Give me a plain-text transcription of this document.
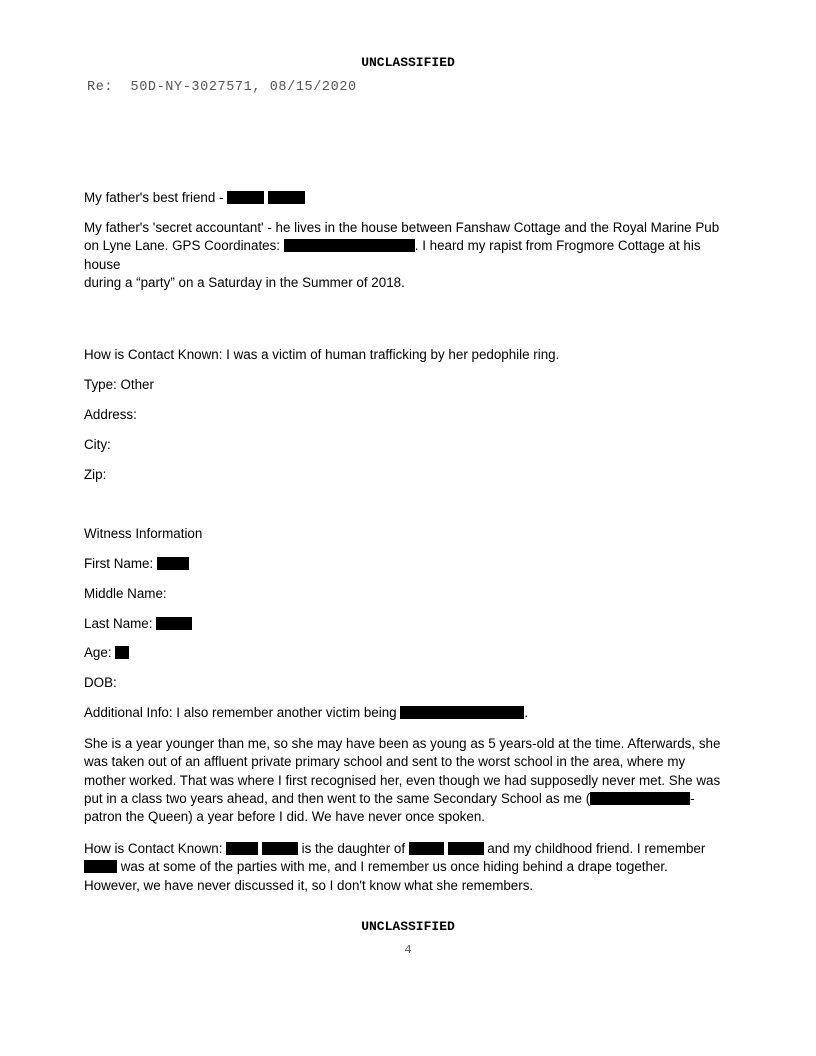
UNCLASSIFIED
Re:  50D-NY-3027571, 08/15/2020
My father's best friend -
My father's 'secret accountant' - he lives in the house between Fanshaw Cottage and the Royal Marine Pub
on Lyne Lane. GPS Coordinates:	. I heard my rapist from Frogmore Cottage at his house
during a “party” on a Saturday in the Summer of 2018.
How is Contact Known: I was a victim of human trafficking by her pedophile ring.
Type: Other
Address:
City:
Zip:
Witness Information
First Name:
Middle Name:
Last Name:
Age:
DOB:
Additional Info: I also remember another victim being	.
She is a year younger than me, so she may have been as young as 5 years-old at the time. Afterwards, she
was taken out of an affluent private primary school and sent to the worst school in the area, where my
mother worked. That was where I first recognised her, even though we had supposedly never met. She was
put in a class two years ahead, and then went to the same Secondary School as me (	-
patron the Queen) a year before I did. We have never once spoken.
How is Contact Known:	is the daughter of	and my childhood friend. I remember
was at some of the parties with me, and I remember us once hiding behind a drape together.
However, we have never discussed it, so I don't know what she remembers.
UNCLASSIFIED
4
